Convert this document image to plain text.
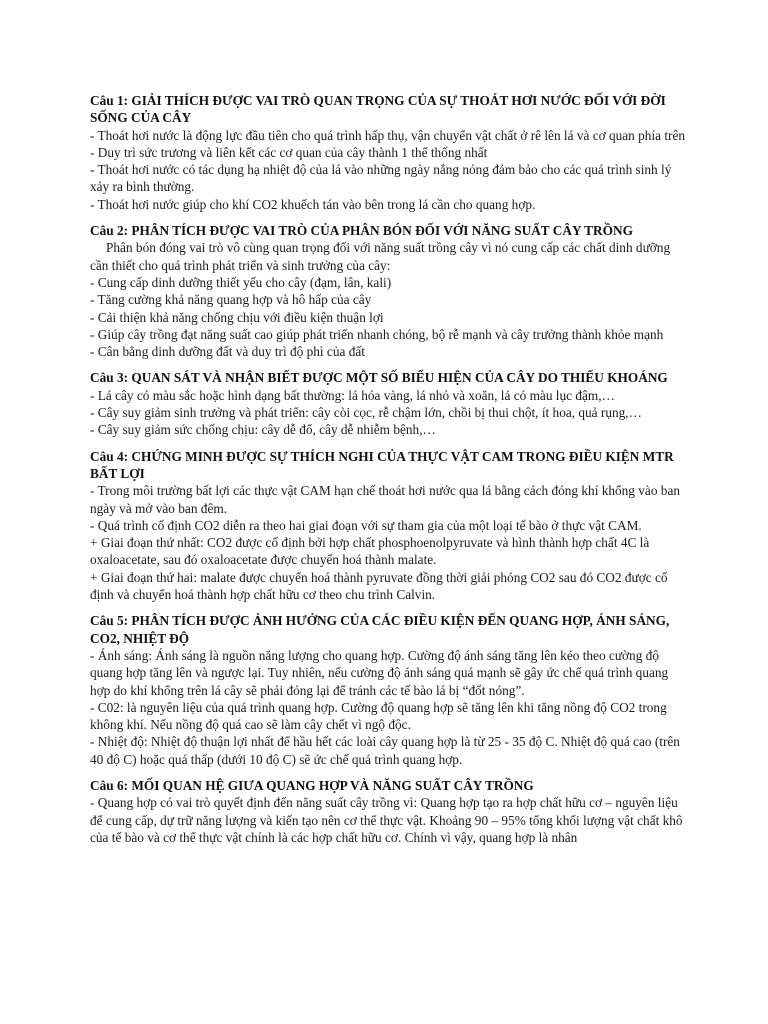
Câu 1: GIẢI THÍCH ĐƯỢC VAI TRÒ QUAN TRỌNG CỦA SỰ THOÁT HƠI NƯỚC ĐỐI VỚI ĐỜI SỐNG CỦA CÂY

- Thoát hơi nước là động lực đầu tiên cho quá trình hấp thụ, vận chuyển vật chất ở rê lên lá và cơ quan phía trên

- Duy trì sức trương và liên kết các cơ quan của cây thành 1 thể thống nhất

- Thoát hơi nước có tác dụng hạ nhiệt độ của lá vào những ngày nắng nóng đảm bảo cho các quá trình sinh lý xảy ra bình thường.

- Thoát hơi nước giúp cho khí CO2 khuếch tán vào bên trong lá cần cho quang hợp.

Câu 2: PHÂN TÍCH ĐƯỢC VAI TRÒ CỦA PHÂN BÓN ĐỐI VỚI NĂNG SUẤT CÂY TRỒNG

Phân bón đóng vai trò vô cùng quan trọng đối với năng suất trồng cây vì nó cung cấp các chất dinh dưỡng cần thiết cho quá trình phát triển và sinh trưởng của cây:

- Cung cấp dinh dưỡng thiết yếu cho cây (đạm, lân, kali)

- Tăng cường khả năng quang hợp và hô hấp của cây

- Cải thiện khả năng chống chịu với điều kiện thuận lợi

- Giúp cây trồng đạt năng suất cao giúp phát triển nhanh chóng, bộ rễ mạnh và cây trưởng thành khỏe mạnh

- Cân bằng dinh dưỡng đất và duy trì độ phì của đất

Câu 3: QUAN SÁT VÀ NHẬN BIẾT ĐƯỢC MỘT SỐ BIỂU HIỆN CỦA CÂY DO THIẾU KHOÁNG

- Lá cây có màu sắc hoặc hình dạng bất thường: lá hóa vàng, lá nhỏ và xoăn, lá có màu lục đậm,…

- Cây suy giảm sinh trưởng và phát triển: cây còi cọc, rễ chậm lớn, chồi bị thui chột, ít hoa, quả rụng,…

- Cây suy giảm sức chống chịu: cây dễ đổ, cây dễ nhiễm bệnh,…

Câu 4: CHỨNG MINH ĐƯỢC SỰ THÍCH NGHI CỦA THỰC VẬT CAM TRONG ĐIỀU KIỆN MTR BẤT LỢI

- Trong môi trường bất lợi các thực vật CAM hạn chế thoát hơi nước qua lá bằng cách đóng khí khổng vào ban ngày và mở vào ban đêm.

- Quá trình cố định CO2 diễn ra theo hai giai đoạn với sự tham gia của một loại tế bào ở thực vật CAM.

+ Giai đoạn thứ nhất: CO2 được cố định bởi hợp chất phosphoenolpyruvate và hình thành hợp chất 4C là oxaloacetate, sau đó oxaloacetate được chuyển hoá thành malate.

+ Giai đoạn thứ hai: malate được chuyển hoá thành pyruvate đồng thời giải phóng CO2 sau đó CO2 được cố định và chuyển hoá thành hợp chất hữu cơ theo chu trình Calvin.

Câu 5: PHÂN TÍCH ĐƯỢC ẢNH HƯỞNG CỦA CÁC ĐIỀU KIỆN ĐẾN QUANG HỢP, ÁNH SÁNG, CO2, NHIỆT ĐỘ

- Ánh sáng: Ánh sáng là nguồn năng lượng cho quang hợp. Cường độ ánh sáng tăng lên kéo theo cường độ quang hợp tăng lên và ngược lại. Tuy nhiên, nếu cường độ ánh sáng quá mạnh sẽ gây ức chế quá trình quang hợp do khí khổng trên lá cây sẽ phải đóng lại để tránh các tế bào lá bị “đốt nóng”.

- C02: là nguyên liệu của quá trình quang hợp. Cường độ quang hợp sẽ tăng lên khi tăng nồng độ CO2 trong không khí. Nếu nồng độ quá cao sẽ làm cây chết vì ngộ độc.

- Nhiệt độ: Nhiệt độ thuận lợi nhất để hầu hết các loài cây quang hợp là từ 25 - 35 độ C. Nhiệt độ quá cao (trên 40 độ C) hoặc quá thấp (dưới 10 độ C) sẽ ức chế quá trình quang hợp.

Câu 6: MỐI QUAN HỆ GIƯA QUANG HỢP VÀ NĂNG SUẤT CÂY TRỒNG

- Quang hợp có vai trò quyết định đến năng suất cây trồng vì: Quang hợp tạo ra hợp chất hữu cơ – nguyên liệu để cung cấp, dự trữ năng lượng và kiến tạo nên cơ thể thực vật. Khoảng 90 – 95% tổng khối lượng vật chất khô của tế bào và cơ thể thực vật chính là các hợp chất hữu cơ. Chính vì vậy, quang hợp là nhân
